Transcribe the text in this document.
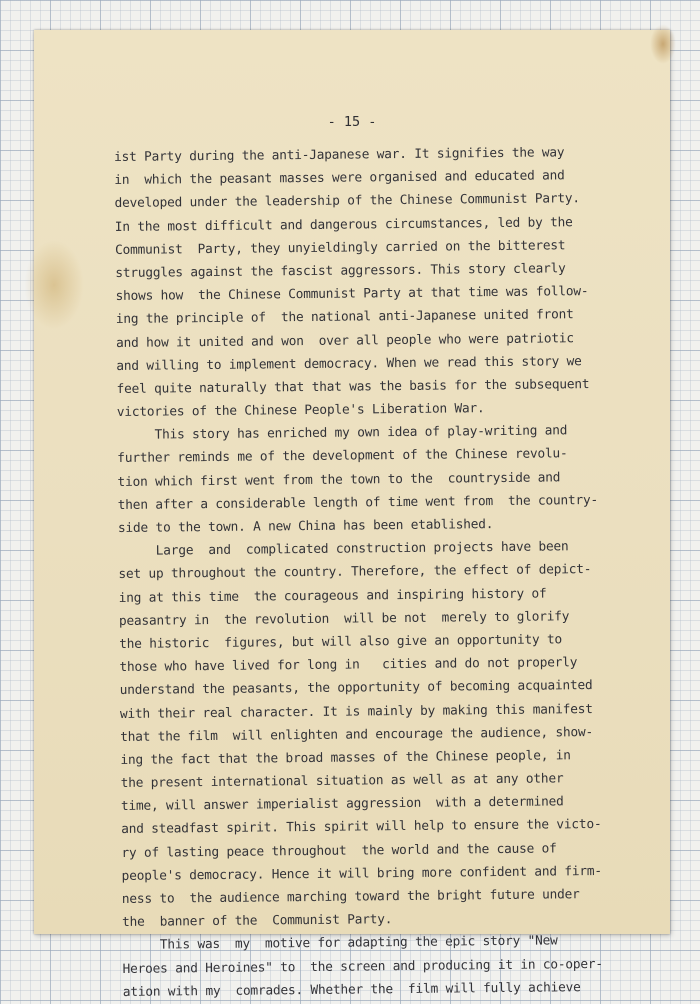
- 15 -
ist Party during the anti-Japanese war. It signifies the way
in  which the peasant masses were organised and educated and
developed under the leadership of the Chinese Communist Party.
In the most difficult and dangerous circumstances, led by the
Communist  Party, they unyieldingly carried on the bitterest
struggles against the fascist aggressors. This story clearly
shows how  the Chinese Communist Party at that time was follow-
ing the principle of  the national anti-Japanese united front
and how it united and won  over all people who were patriotic
and willing to implement democracy. When we read this story we
feel quite naturally that that was the basis for the subsequent
victories of the Chinese People's Liberation War.
This story has enriched my own idea of play-writing and
further reminds me of the development of the Chinese revolu-
tion which first went from the town to the  countryside and
then after a considerable length of time went from  the country-
side to the town. A new China has been etablished.
Large  and  complicated construction projects have been
set up throughout the country. Therefore, the effect of depict-
ing at this time  the courageous and inspiring history of
peasantry in  the revolution  will be not  merely to glorify
the historic  figures, but will also give an opportunity to
those who have lived for long in   cities and do not properly
understand the peasants, the opportunity of becoming acquainted
with their real character. It is mainly by making this manifest
that the film  will enlighten and encourage the audience, show-
ing the fact that the broad masses of the Chinese people, in
the present international situation as well as at any other
time, will answer imperialist aggression  with a determined
and steadfast spirit. This spirit will help to ensure the victo-
ry of lasting peace throughout  the world and the cause of
people's democracy. Hence it will bring more confident and firm-
ness to  the audience marching toward the bright future under
the  banner of the  Communist Party.
This was  my  motive for adapting the epic story "New
Heroes and Heroines" to  the screen and producing it in co-oper-
ation with my  comrades. Whether the  film will fully achieve
